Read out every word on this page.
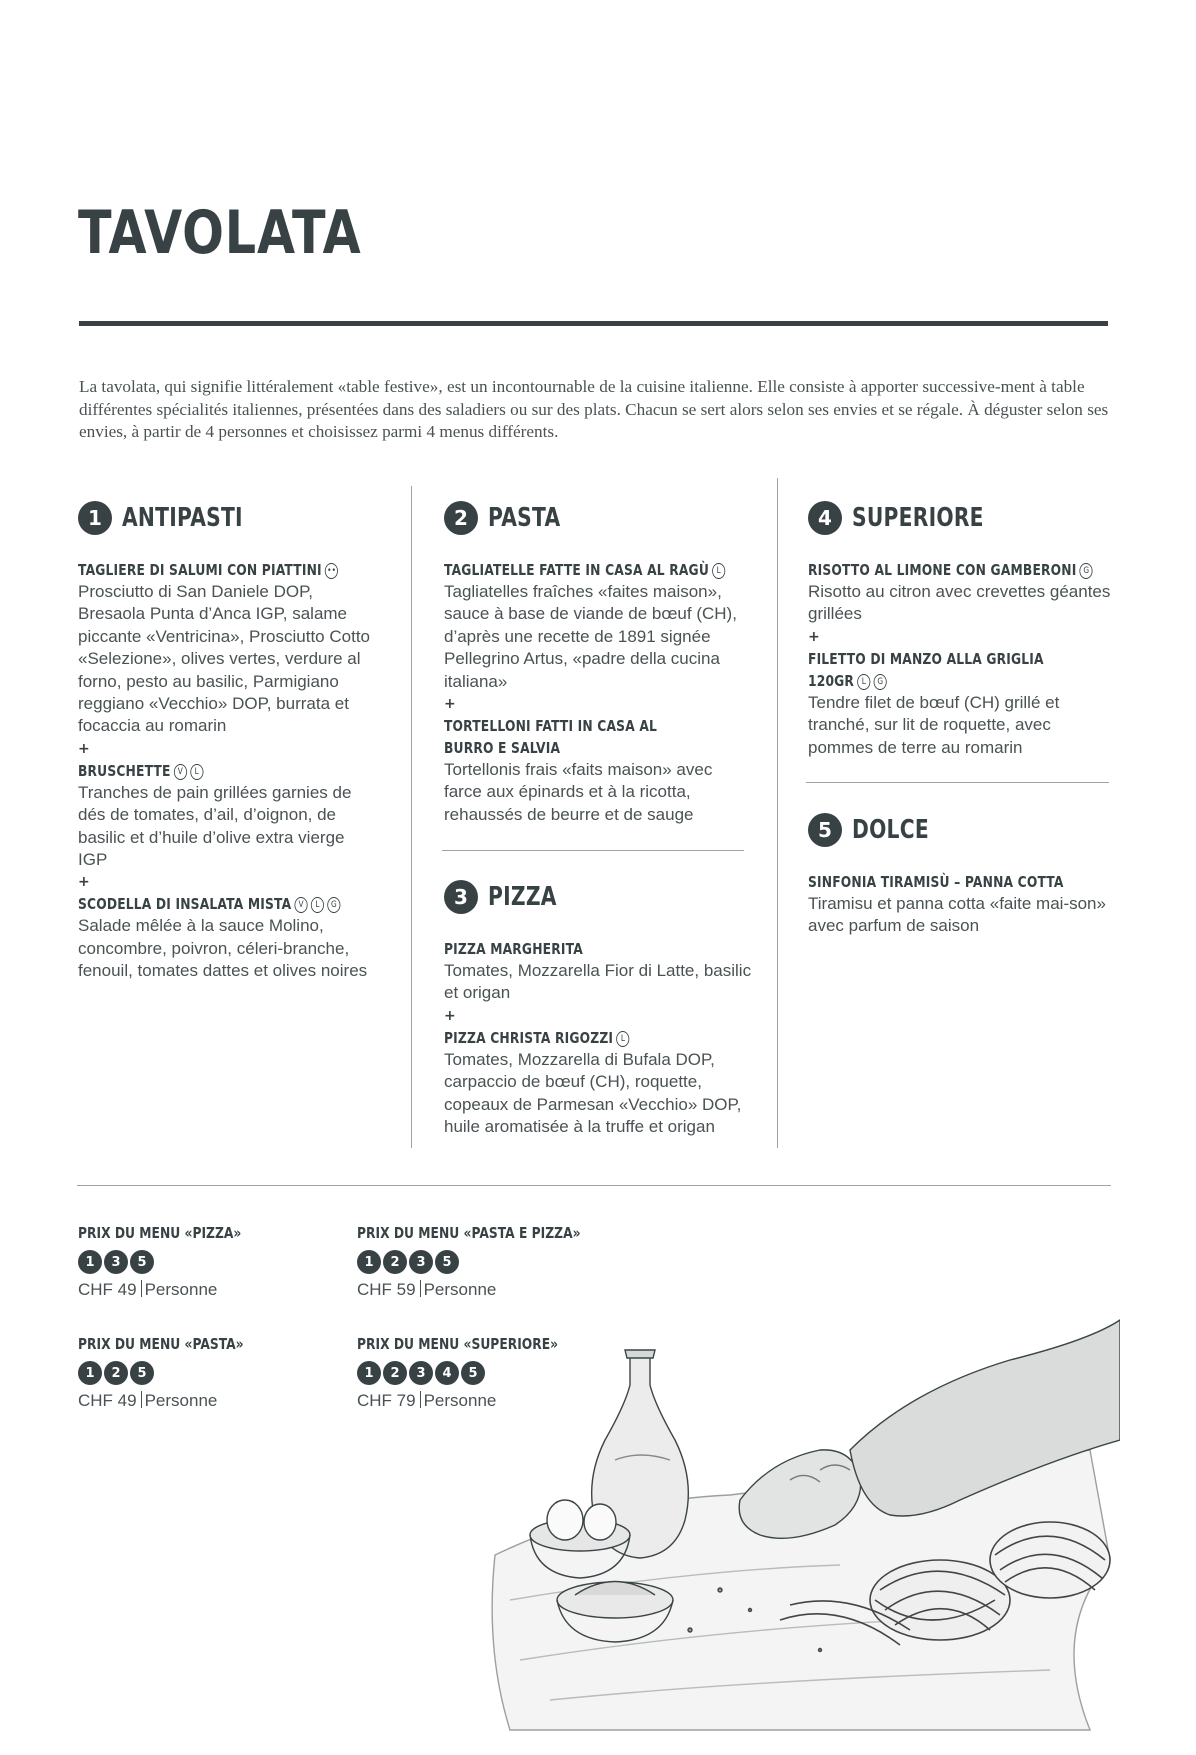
TAVOLATA
La tavolata, qui signifie littéralement «table festive», est un incontournable de la cuisine italienne. Elle consiste à apporter successive-ment à table différentes spécialités italiennes, présentées dans des saladiers ou sur des plats. Chacun se sert alors selon ses envies et se régale. À déguster selon ses envies, à partir de 4 personnes et choisissez parmi 4 menus différents.
1 ANTIPASTI
TAGLIERE DI SALUMI CON PIATTINI ••
Prosciutto di San Daniele DOP, Bresaola Punta d’Anca IGP, salame piccante «Ventricina», Prosciutto Cotto «Selezione», olives vertes, verdure al forno, pesto au basilic, Parmigiano reggiano «Vecchio» DOP, burrata et focaccia au romarin
+
BRUSCHETTE V L
Tranches de pain grillées garnies de dés de tomates, d’ail, d’oignon, de basilic et d’huile d’olive extra vierge IGP
+
SCODELLA DI INSALATA MISTA V L G
Salade mêlée à la sauce Molino, concombre, poivron, céleri-branche, fenouil, tomates dattes et olives noires
2 PASTA
TAGLIATELLE FATTE IN CASA AL RAGÙ L
Tagliatelles fraîches «faites maison», sauce à base de viande de bœuf (CH), d’après une recette de 1891 signée Pellegrino Artus, «padre della cucina italiana»
+
TORTELLONI FATTI IN CASA AL
BURRO E SALVIA
Tortellonis frais «faits maison» avec farce aux épinards et à la ricotta, rehaussés de beurre et de sauge
3 PIZZA
PIZZA MARGHERITA
Tomates, Mozzarella Fior di Latte, basilic et origan
+
PIZZA CHRISTA RIGOZZI L
Tomates, Mozzarella di Bufala DOP, carpaccio de bœuf (CH), roquette, copeaux de Parmesan «Vecchio» DOP, huile aromatisée à la truffe et origan
4 SUPERIORE
RISOTTO AL LIMONE CON GAMBERONI G
Risotto au citron avec crevettes géantes grillées
+
FILETTO DI MANZO ALLA GRIGLIA
120GR L G
Tendre filet de bœuf (CH) grillé et tranché, sur lit de roquette, avec pommes de terre au romarin
5 DOLCE
SINFONIA TIRAMISÙ – PANNA COTTA
Tiramisu et panna cotta «faite mai-son» avec parfum de saison
PRIX DU MENU «PIZZA»
1	3	5
CHF 49 Personne
PRIX DU MENU «PASTA E PIZZA»
1	2	3	5
CHF 59 Personne
PRIX DU MENU «PASTA»
1	2	5
CHF 49 Personne
PRIX DU MENU «SUPERIORE»
1	2	3	4	5
CHF 79 Personne
